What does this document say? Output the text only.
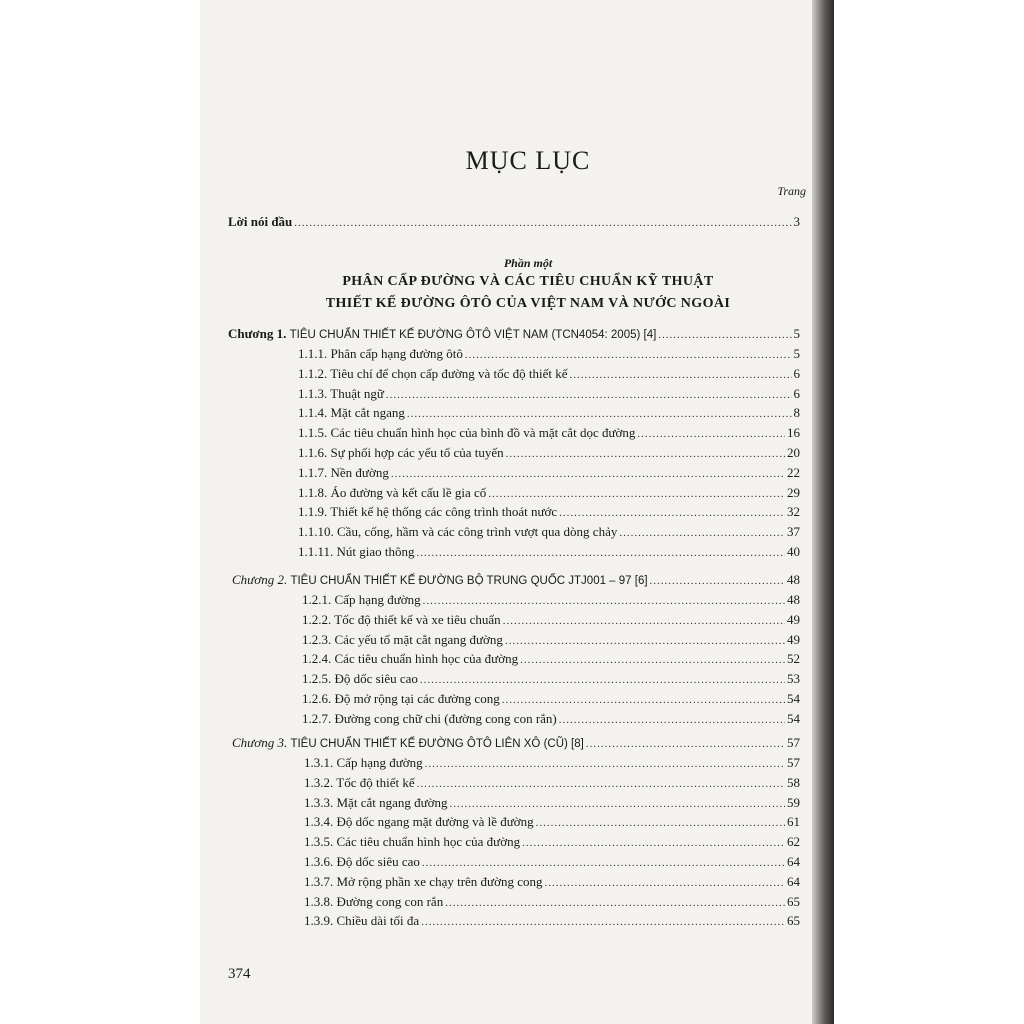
MỤC LỤC
Trang
Lời nói đầu .....	3
Phần một
PHÂN CẤP ĐƯỜNG VÀ CÁC TIÊU CHUẨN KỸ THUẬT
THIẾT KẾ ĐƯỜNG ÔTÔ CỦA VIỆT NAM VÀ NƯỚC NGOÀI
Chương 1. TIÊU CHUẨN THIẾT KẾ ĐƯỜNG ÔTÔ VIỆT NAM (TCN4054: 2005) [4] .....	5
1.1.1. Phân cấp hạng đường ôtô .....	5
1.1.2. Tiêu chí để chọn cấp đường và tốc độ thiết kế .....	6
1.1.3. Thuật ngữ .....	6
1.1.4. Mặt cắt ngang .....	8
1.1.5. Các tiêu chuẩn hình học của bình đồ và mặt cắt dọc đường .....	16
1.1.6. Sự phối hợp các yếu tố của tuyến .....	20
1.1.7. Nền đường .....	22
1.1.8. Áo đường và kết cấu lề gia cố .....	29
1.1.9. Thiết kế hệ thống các công trình thoát nước .....	32
1.1.10. Cầu, cống, hầm và các công trình vượt qua dòng chảy .....	37
1.1.11. Nút giao thông .....	40
Chương 2. TIÊU CHUẨN THIẾT KẾ ĐƯỜNG BỘ TRUNG QUỐC JTJ001 – 97 [6] .....	48
1.2.1. Cấp hạng đường .....	48
1.2.2. Tốc độ thiết kế và xe tiêu chuẩn .....	49
1.2.3. Các yếu tố mặt cắt ngang đường .....	49
1.2.4. Các tiêu chuẩn hình học của đường .....	52
1.2.5. Độ dốc siêu cao .....	53
1.2.6. Độ mở rộng tại các đường cong .....	54
1.2.7. Đường cong chữ chi (đường cong con rắn) .....	54
Chương 3. TIÊU CHUẨN THIẾT KẾ ĐƯỜNG ÔTÔ LIÊN XÔ (CŨ) [8] .....	57
1.3.1. Cấp hạng đường .....	57
1.3.2. Tốc độ thiết kế .....	58
1.3.3. Mặt cắt ngang đường .....	59
1.3.4. Độ dốc ngang mặt đường và lề đường .....	61
1.3.5. Các tiêu chuẩn hình học của đường .....	62
1.3.6. Độ dốc siêu cao .....	64
1.3.7. Mở rộng phần xe chạy trên đường cong .....	64
1.3.8. Đường cong con rắn .....	65
1.3.9. Chiều dài tối đa .....	65
374
